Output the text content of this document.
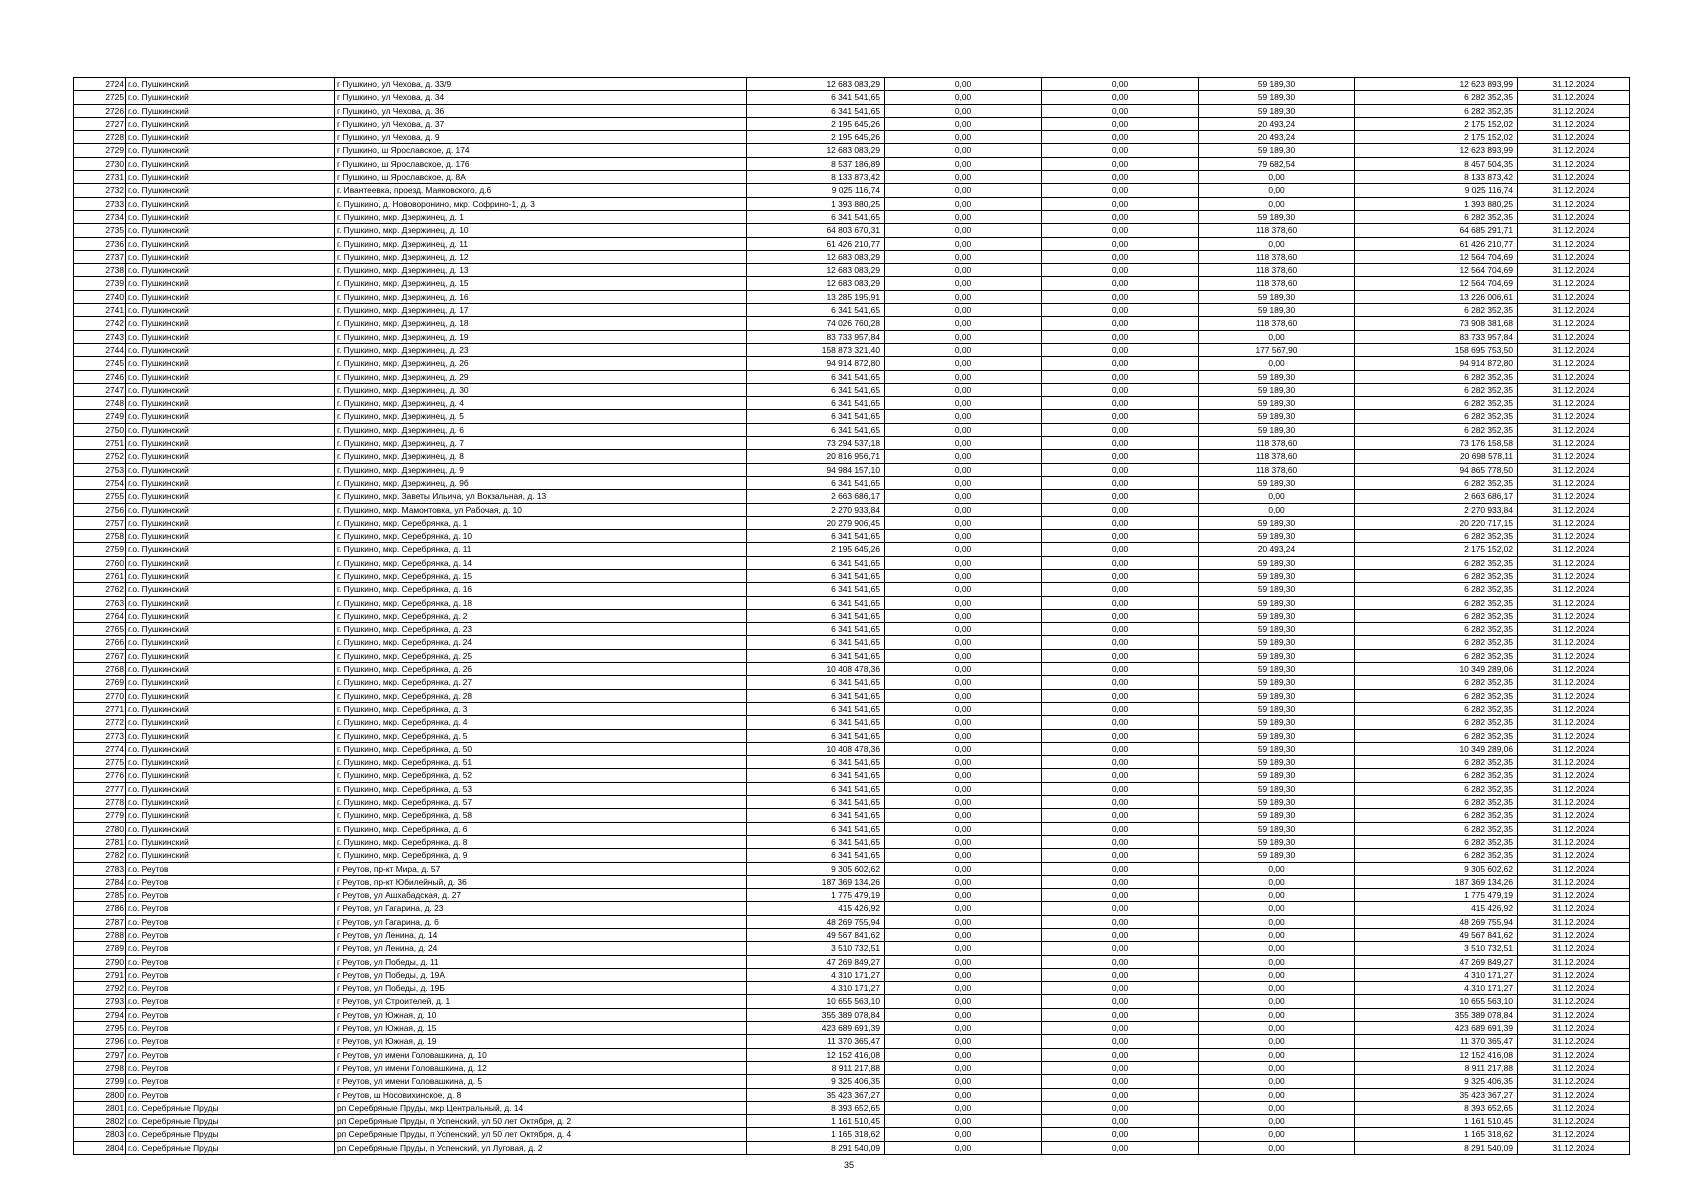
2724	г.о. Пушкинский	г Пушкино, ул Чехова, д. 33/9	12 683 083,29	0,00	0,00	59 189,30	12 623 893,99	31.12.2024
2725	г.о. Пушкинский	г Пушкино, ул Чехова, д. 34	6 341 541,65	0,00	0,00	59 189,30	6 282 352,35	31.12.2024
2726	г.о. Пушкинский	г Пушкино, ул Чехова, д. 36	6 341 541,65	0,00	0,00	59 189,30	6 282 352,35	31.12.2024
2727	г.о. Пушкинский	г Пушкино, ул Чехова, д. 37	2 195 645,26	0,00	0,00	20 493,24	2 175 152,02	31.12.2024
2728	г.о. Пушкинский	г Пушкино, ул Чехова, д. 9	2 195 645,26	0,00	0,00	20 493,24	2 175 152,02	31.12.2024
2729	г.о. Пушкинский	г Пушкино, ш Ярославское, д. 174	12 683 083,29	0,00	0,00	59 189,30	12 623 893,99	31.12.2024
2730	г.о. Пушкинский	г Пушкино, ш Ярославское, д. 176	8 537 186,89	0,00	0,00	79 682,54	8 457 504,35	31.12.2024
2731	г.о. Пушкинский	г Пушкино, ш Ярославское, д. 8А	8 133 873,42	0,00	0,00	0,00	8 133 873,42	31.12.2024
2732	г.о. Пушкинский	г. Ивантеевка, проезд. Маяковского, д.6	9 025 116,74	0,00	0,00	0,00	9 025 116,74	31.12.2024
2733	г.о. Пушкинский	г. Пушкино, д. Нововоронино, мкр. Софрино-1, д. 3	1 393 880,25	0,00	0,00	0,00	1 393 880,25	31.12.2024
2734	г.о. Пушкинский	г. Пушкино, мкр. Дзержинец, д. 1	6 341 541,65	0,00	0,00	59 189,30	6 282 352,35	31.12.2024
2735	г.о. Пушкинский	г. Пушкино, мкр. Дзержинец, д. 10	64 803 670,31	0,00	0,00	118 378,60	64 685 291,71	31.12.2024
2736	г.о. Пушкинский	г. Пушкино, мкр. Дзержинец, д. 11	61 426 210,77	0,00	0,00	0,00	61 426 210,77	31.12.2024
2737	г.о. Пушкинский	г. Пушкино, мкр. Дзержинец, д. 12	12 683 083,29	0,00	0,00	118 378,60	12 564 704,69	31.12.2024
2738	г.о. Пушкинский	г. Пушкино, мкр. Дзержинец, д. 13	12 683 083,29	0,00	0,00	118 378,60	12 564 704,69	31.12.2024
2739	г.о. Пушкинский	г. Пушкино, мкр. Дзержинец, д. 15	12 683 083,29	0,00	0,00	118 378,60	12 564 704,69	31.12.2024
2740	г.о. Пушкинский	г. Пушкино, мкр. Дзержинец, д. 16	13 285 195,91	0,00	0,00	59 189,30	13 226 006,61	31.12.2024
2741	г.о. Пушкинский	г. Пушкино, мкр. Дзержинец, д. 17	6 341 541,65	0,00	0,00	59 189,30	6 282 352,35	31.12.2024
2742	г.о. Пушкинский	г. Пушкино, мкр. Дзержинец, д. 18	74 026 760,28	0,00	0,00	118 378,60	73 908 381,68	31.12.2024
2743	г.о. Пушкинский	г. Пушкино, мкр. Дзержинец, д. 19	83 733 957,84	0,00	0,00	0,00	83 733 957,84	31.12.2024
2744	г.о. Пушкинский	г. Пушкино, мкр. Дзержинец, д. 23	158 873 321,40	0,00	0,00	177 567,90	158 695 753,50	31.12.2024
2745	г.о. Пушкинский	г. Пушкино, мкр. Дзержинец, д. 26	94 914 872,80	0,00	0,00	0,00	94 914 872,80	31.12.2024
2746	г.о. Пушкинский	г. Пушкино, мкр. Дзержинец, д. 29	6 341 541,65	0,00	0,00	59 189,30	6 282 352,35	31.12.2024
2747	г.о. Пушкинский	г. Пушкино, мкр. Дзержинец, д. 30	6 341 541,65	0,00	0,00	59 189,30	6 282 352,35	31.12.2024
2748	г.о. Пушкинский	г. Пушкино, мкр. Дзержинец, д. 4	6 341 541,65	0,00	0,00	59 189,30	6 282 352,35	31.12.2024
2749	г.о. Пушкинский	г. Пушкино, мкр. Дзержинец, д. 5	6 341 541,65	0,00	0,00	59 189,30	6 282 352,35	31.12.2024
2750	г.о. Пушкинский	г. Пушкино, мкр. Дзержинец, д. 6	6 341 541,65	0,00	0,00	59 189,30	6 282 352,35	31.12.2024
2751	г.о. Пушкинский	г. Пушкино, мкр. Дзержинец, д. 7	73 294 537,18	0,00	0,00	118 378,60	73 176 158,58	31.12.2024
2752	г.о. Пушкинский	г. Пушкино, мкр. Дзержинец, д. 8	20 816 956,71	0,00	0,00	118 378,60	20 698 578,11	31.12.2024
2753	г.о. Пушкинский	г. Пушкино, мкр. Дзержинец, д. 9	94 984 157,10	0,00	0,00	118 378,60	94 865 778,50	31.12.2024
2754	г.о. Пушкинский	г. Пушкино, мкр. Дзержинец, д. 9б	6 341 541,65	0,00	0,00	59 189,30	6 282 352,35	31.12.2024
2755	г.о. Пушкинский	г. Пушкино, мкр. Заветы Ильича, ул Вокзальная, д. 13	2 663 686,17	0,00	0,00	0,00	2 663 686,17	31.12.2024
2756	г.о. Пушкинский	г. Пушкино, мкр. Мамонтовка, ул Рабочая, д. 10	2 270 933,84	0,00	0,00	0,00	2 270 933,84	31.12.2024
2757	г.о. Пушкинский	г. Пушкино, мкр. Серебрянка, д. 1	20 279 906,45	0,00	0,00	59 189,30	20 220 717,15	31.12.2024
2758	г.о. Пушкинский	г. Пушкино, мкр. Серебрянка, д. 10	6 341 541,65	0,00	0,00	59 189,30	6 282 352,35	31.12.2024
2759	г.о. Пушкинский	г. Пушкино, мкр. Серебрянка, д. 11	2 195 645,26	0,00	0,00	20 493,24	2 175 152,02	31.12.2024
2760	г.о. Пушкинский	г. Пушкино, мкр. Серебрянка, д. 14	6 341 541,65	0,00	0,00	59 189,30	6 282 352,35	31.12.2024
2761	г.о. Пушкинский	г. Пушкино, мкр. Серебрянка, д. 15	6 341 541,65	0,00	0,00	59 189,30	6 282 352,35	31.12.2024
2762	г.о. Пушкинский	г. Пушкино, мкр. Серебрянка, д. 16	6 341 541,65	0,00	0,00	59 189,30	6 282 352,35	31.12.2024
2763	г.о. Пушкинский	г. Пушкино, мкр. Серебрянка, д. 18	6 341 541,65	0,00	0,00	59 189,30	6 282 352,35	31.12.2024
2764	г.о. Пушкинский	г. Пушкино, мкр. Серебрянка, д. 2	6 341 541,65	0,00	0,00	59 189,30	6 282 352,35	31.12.2024
2765	г.о. Пушкинский	г. Пушкино, мкр. Серебрянка, д. 23	6 341 541,65	0,00	0,00	59 189,30	6 282 352,35	31.12.2024
2766	г.о. Пушкинский	г. Пушкино, мкр. Серебрянка, д. 24	6 341 541,65	0,00	0,00	59 189,30	6 282 352,35	31.12.2024
2767	г.о. Пушкинский	г. Пушкино, мкр. Серебрянка, д. 25	6 341 541,65	0,00	0,00	59 189,30	6 282 352,35	31.12.2024
2768	г.о. Пушкинский	г. Пушкино, мкр. Серебрянка, д. 26	10 408 478,36	0,00	0,00	59 189,30	10 349 289,06	31.12.2024
2769	г.о. Пушкинский	г. Пушкино, мкр. Серебрянка, д. 27	6 341 541,65	0,00	0,00	59 189,30	6 282 352,35	31.12.2024
2770	г.о. Пушкинский	г. Пушкино, мкр. Серебрянка, д. 28	6 341 541,65	0,00	0,00	59 189,30	6 282 352,35	31.12.2024
2771	г.о. Пушкинский	г. Пушкино, мкр. Серебрянка, д. 3	6 341 541,65	0,00	0,00	59 189,30	6 282 352,35	31.12.2024
2772	г.о. Пушкинский	г. Пушкино, мкр. Серебрянка, д. 4	6 341 541,65	0,00	0,00	59 189,30	6 282 352,35	31.12.2024
2773	г.о. Пушкинский	г. Пушкино, мкр. Серебрянка, д. 5	6 341 541,65	0,00	0,00	59 189,30	6 282 352,35	31.12.2024
2774	г.о. Пушкинский	г. Пушкино, мкр. Серебрянка, д. 50	10 408 478,36	0,00	0,00	59 189,30	10 349 289,06	31.12.2024
2775	г.о. Пушкинский	г. Пушкино, мкр. Серебрянка, д. 51	6 341 541,65	0,00	0,00	59 189,30	6 282 352,35	31.12.2024
2776	г.о. Пушкинский	г. Пушкино, мкр. Серебрянка, д. 52	6 341 541,65	0,00	0,00	59 189,30	6 282 352,35	31.12.2024
2777	г.о. Пушкинский	г. Пушкино, мкр. Серебрянка, д. 53	6 341 541,65	0,00	0,00	59 189,30	6 282 352,35	31.12.2024
2778	г.о. Пушкинский	г. Пушкино, мкр. Серебрянка, д. 57	6 341 541,65	0,00	0,00	59 189,30	6 282 352,35	31.12.2024
2779	г.о. Пушкинский	г. Пушкино, мкр. Серебрянка, д. 58	6 341 541,65	0,00	0,00	59 189,30	6 282 352,35	31.12.2024
2780	г.о. Пушкинский	г. Пушкино, мкр. Серебрянка, д. 6	6 341 541,65	0,00	0,00	59 189,30	6 282 352,35	31.12.2024
2781	г.о. Пушкинский	г. Пушкино, мкр. Серебрянка, д. 8	6 341 541,65	0,00	0,00	59 189,30	6 282 352,35	31.12.2024
2782	г.о. Пушкинский	г. Пушкино, мкр. Серебрянка, д. 9	6 341 541,65	0,00	0,00	59 189,30	6 282 352,35	31.12.2024
2783	г.о. Реутов	г Реутов, пр-кт Мира, д. 57	9 305 602,62	0,00	0,00	0,00	9 305 602,62	31.12.2024
2784	г.о. Реутов	г Реутов, пр-кт Юбилейный, д. 36	187 369 134,26	0,00	0,00	0,00	187 369 134,26	31.12.2024
2785	г.о. Реутов	г Реутов, ул Ашхабадская, д. 27	1 775 479,19	0,00	0,00	0,00	1 775 479,19	31.12.2024
2786	г.о. Реутов	г Реутов, ул Гагарина, д. 23	415 426,92	0,00	0,00	0,00	415 426,92	31.12.2024
2787	г.о. Реутов	г Реутов, ул Гагарина, д. 6	48 269 755,94	0,00	0,00	0,00	48 269 755,94	31.12.2024
2788	г.о. Реутов	г Реутов, ул Ленина, д. 14	49 567 841,62	0,00	0,00	0,00	49 567 841,62	31.12.2024
2789	г.о. Реутов	г Реутов, ул Ленина, д. 24	3 510 732,51	0,00	0,00	0,00	3 510 732,51	31.12.2024
2790	г.о. Реутов	г Реутов, ул Победы, д. 11	47 269 849,27	0,00	0,00	0,00	47 269 849,27	31.12.2024
2791	г.о. Реутов	г Реутов, ул Победы, д. 19А	4 310 171,27	0,00	0,00	0,00	4 310 171,27	31.12.2024
2792	г.о. Реутов	г Реутов, ул Победы, д. 19Б	4 310 171,27	0,00	0,00	0,00	4 310 171,27	31.12.2024
2793	г.о. Реутов	г Реутов, ул Строителей, д. 1	10 655 563,10	0,00	0,00	0,00	10 655 563,10	31.12.2024
2794	г.о. Реутов	г Реутов, ул Южная, д. 10	355 389 078,84	0,00	0,00	0,00	355 389 078,84	31.12.2024
2795	г.о. Реутов	г Реутов, ул Южная, д. 15	423 689 691,39	0,00	0,00	0,00	423 689 691,39	31.12.2024
2796	г.о. Реутов	г Реутов, ул Южная, д. 19	11 370 365,47	0,00	0,00	0,00	11 370 365,47	31.12.2024
2797	г.о. Реутов	г Реутов, ул имени Головашкина, д. 10	12 152 416,08	0,00	0,00	0,00	12 152 416,08	31.12.2024
2798	г.о. Реутов	г Реутов, ул имени Головашкина, д. 12	8 911 217,88	0,00	0,00	0,00	8 911 217,88	31.12.2024
2799	г.о. Реутов	г Реутов, ул имени Головашкина, д. 5	9 325 406,35	0,00	0,00	0,00	9 325 406,35	31.12.2024
2800	г.о. Реутов	г Реутов, ш Носовихинское, д. 8	35 423 367,27	0,00	0,00	0,00	35 423 367,27	31.12.2024
2801	г.о. Серебряные Пруды	рп Серебряные Пруды, мкр Центральный, д. 14	8 393 652,65	0,00	0,00	0,00	8 393 652,65	31.12.2024
2802	г.о. Серебряные Пруды	рп Серебряные Пруды, п Успенский, ул 50 лет Октября, д. 2	1 161 510,45	0,00	0,00	0,00	1 161 510,45	31.12.2024
2803	г.о. Серебряные Пруды	рп Серебряные Пруды, п Успенский, ул 50 лет Октября, д. 4	1 165 318,62	0,00	0,00	0,00	1 165 318,62	31.12.2024
2804	г.о. Серебряные Пруды	рп Серебряные Пруды, п Успенский, ул Луговая, д. 2	8 291 540,09	0,00	0,00	0,00	8 291 540,09	31.12.2024
35
